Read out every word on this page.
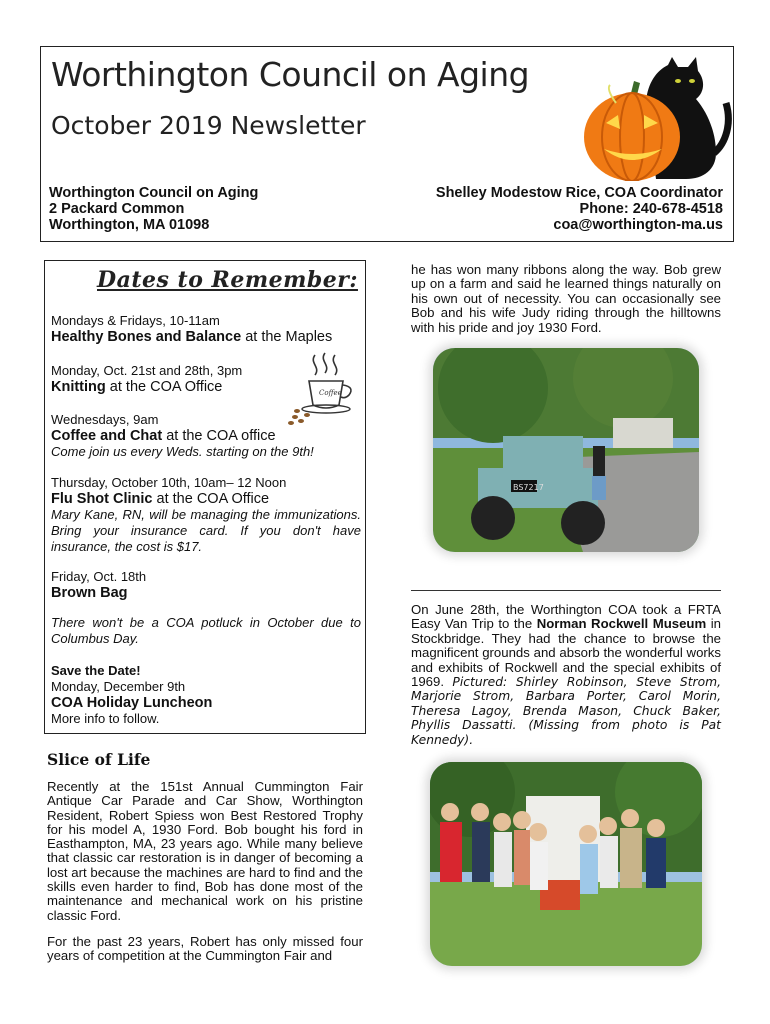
Worthington Council on Aging
October 2019 Newsletter
Worthington Council on Aging
2 Packard Common
Worthington, MA 01098
Shelley Modestow Rice, COA Coordinator
Phone: 240-678-4518
coa@worthington-ma.us
Dates to Remember:
Coffee
Mondays & Fridays, 10-11am
Healthy Bones and Balance at the Maples
Monday, Oct. 21st and 28th, 3pm
Knitting at the COA Office
Wednesdays, 9am
Coffee and Chat at the COA office
Come join us every Weds. starting on the 9th!
Thursday, October 10th, 10am– 12 Noon
Flu Shot Clinic at the COA Office
Mary Kane, RN, will be managing the immunizations. Bring your insurance card. If you don't have insurance, the cost is $17.
Friday, Oct. 18th
Brown Bag
There won't be a COA potluck in October due to Columbus Day.
Save the Date!
Monday, December 9th
COA Holiday Luncheon
More info to follow.
Slice of Life

Recently at the 151st Annual Cummington Fair Antique Car Parade and Car Show, Worthington Resident, Robert Spiess won Best Restored Trophy for his model A, 1930 Ford. Bob bought his ford in Easthampton, MA, 23 years ago. While many believe that classic car restoration is in danger of becoming a lost art because the machines are hard to find and the skills even harder to find, Bob has done most of the maintenance and mechanical work on his pristine classic Ford.

For the past 23 years, Robert has only missed four years of competition at the Cummington Fair and

he has won many ribbons along the way. Bob grew up on a farm and said he learned things naturally on his own out of necessity. You can occasionally see Bob and his wife Judy riding through the hilltowns with his pride and joy 1930 Ford.
BS7217
On June 28th, the Worthington COA took a FRTA Easy Van Trip to the Norman Rockwell Museum in Stockbridge. They had the chance to browse the magnificent grounds and absorb the wonderful works and exhibits of Rockwell and the special exhibits of 1969. Pictured: Shirley Robinson, Steve Strom, Marjorie Strom, Barbara Porter, Carol Morin, Theresa Lagoy, Brenda Mason, Chuck Baker, Phyllis Dassatti. (Missing from photo is Pat Kennedy).
